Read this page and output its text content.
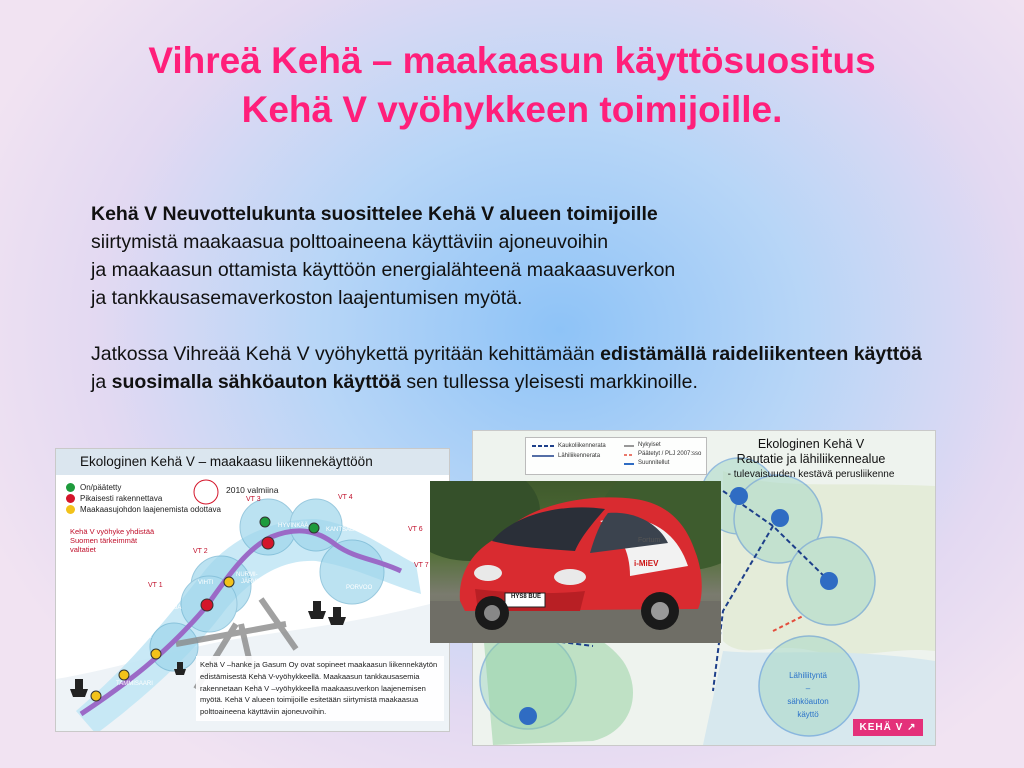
Vihreä Kehä – maakaasun käyttösuositus
Kehä V vyöhykkeen toimijoille.

Kehä V Neuvottelukunta suosittelee Kehä V alueen toimijoille
siirtymistä maakaasua polttoaineena käyttäviin ajoneuvoihin
ja maakaasun ottamista käyttöön energialähteenä maakaasuverkon
ja tankkausasemaverkoston laajentumisen myötä.

Jatkossa Vihreää Kehä V vyöhykettä pyritään kehittämään edistämällä raideliikenteen käyttöä ja suosimalla sähköauton käyttöä sen tullessa yleisesti markkinoille.

VT 3	VT 4
VT 6
VT 7
VT 2
VT 1
HYVINKÄÄ
KANTSALA
VIHTI
NURMI-
JÄRVI
LOHJA
KARJAA
PORVOO
TAMMISAARI
Ekologinen Kehä V – maakaasu liikennekäyttöön
On/päätetty
Pikaisesti rakennettava
Maakaasujohdon laajenemista odottava
2010 valmiina
Kehä V vyöhyke yhdistää Suomen tärkeimmät valtatiet
Kehä V –hanke ja Gasum Oy ovat sopineet maakaasun liikennekäytön edistämisestä Kehä V-vyöhykkeellä. Maakaasun tankkausasemia rakennetaan Kehä V –vyöhykkeellä maakaasuverkon laajenemisen myötä. Kehä V alueen toimijoille esitetään siirtymistä maakaasua polttoaineena käyttäviin ajoneuvoihin.
Kaukoliikennerata
Lähiliikennerata
Nykyiset
Päätetyt / PLJ 2007:sso
Suunnitellut
Ekologinen Kehä V
Rautatie ja lähiliikennealue
- tulevaisuuden kestävä perusliikenne
Lähiliityntä
–
sähköauton käyttö
KEHÄ V ↗
HYS8 BUE
i-MiEV
Fortum
